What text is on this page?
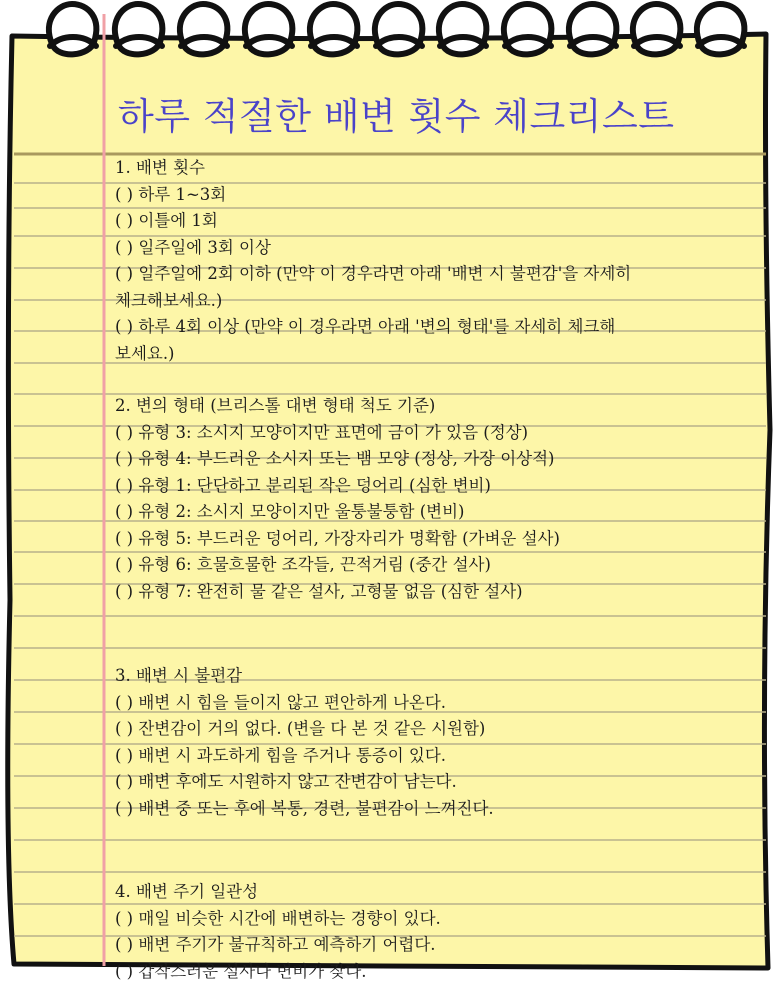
하루 적절한 배변 횟수 체크리스트
1. 배변 횟수
( ) 하루 1~3회
( ) 이틀에 1회
( ) 일주일에 3회 이상
( ) 일주일에 2회 이하 (만약 이 경우라면 아래 '배변 시 불편감'을 자세히
체크해보세요.)
( ) 하루 4회 이상 (만약 이 경우라면 아래 '변의 형태'를 자세히 체크해
보세요.)
2. 변의 형태 (브리스톨 대변 형태 척도 기준)
( ) 유형 3: 소시지 모양이지만 표면에 금이 가 있음 (정상)
( ) 유형 4: 부드러운 소시지 또는 뱀 모양 (정상, 가장 이상적)
( ) 유형 1: 단단하고 분리된 작은 덩어리 (심한 변비)
( ) 유형 2: 소시지 모양이지만 울퉁불퉁함 (변비)
( ) 유형 5: 부드러운 덩어리, 가장자리가 명확함 (가벼운 설사)
( ) 유형 6: 흐물흐물한 조각들, 끈적거림 (중간 설사)
( ) 유형 7: 완전히 물 같은 설사, 고형물 없음 (심한 설사)
3. 배변 시 불편감
( ) 배변 시 힘을 들이지 않고 편안하게 나온다.
( ) 잔변감이 거의 없다. (변을 다 본 것 같은 시원함)
( ) 배변 시 과도하게 힘을 주거나 통증이 있다.
( ) 배변 후에도 시원하지 않고 잔변감이 남는다.
( ) 배변 중 또는 후에 복통, 경련, 불편감이 느껴진다.
4. 배변 주기 일관성
( ) 매일 비슷한 시간에 배변하는 경향이 있다.
( ) 배변 주기가 불규칙하고 예측하기 어렵다.
( ) 갑작스러운 설사나 변비가 잦다.
